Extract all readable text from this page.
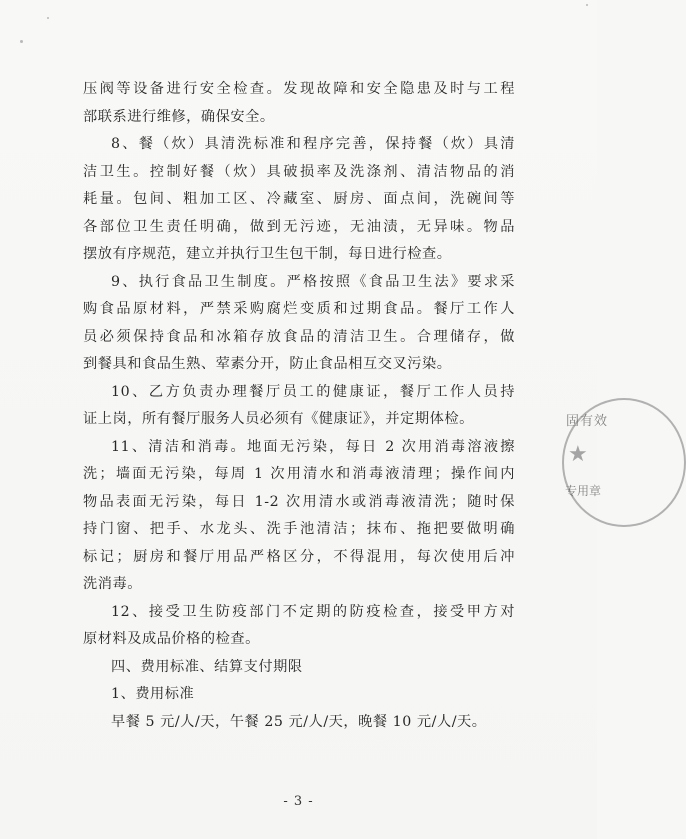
压阀等设备进行安全检查。发现故障和安全隐患及时与工程
部联系进行维修，确保安全。
8、餐（炊）具清洗标准和程序完善，保持餐（炊）具清
洁卫生。控制好餐（炊）具破损率及洗涤剂、清洁物品的消
耗量。包间、粗加工区、冷藏室、厨房、面点间，洗碗间等
各部位卫生责任明确，做到无污迹，无油渍，无异味。物品
摆放有序规范，建立并执行卫生包干制，每日进行检查。
9、执行食品卫生制度。严格按照《食品卫生法》要求采
购食品原材料，严禁采购腐烂变质和过期食品。餐厅工作人
员必须保持食品和冰箱存放食品的清洁卫生。合理储存，做
到餐具和食品生熟、荤素分开，防止食品相互交叉污染。
10、乙方负责办理餐厅员工的健康证，餐厅工作人员持
证上岗，所有餐厅服务人员必须有《健康证》，并定期体检。
11、清洁和消毒。地面无污染，每日 2 次用消毒溶液擦
洗；墙面无污染，每周 1 次用清水和消毒液清理；操作间内
物品表面无污染，每日 1-2 次用清水或消毒液清洗；随时保
持门窗、把手、水龙头、洗手池清洁；抹布、拖把要做明确
标记；厨房和餐厅用品严格区分，不得混用，每次使用后冲
洗消毒。
12、接受卫生防疫部门不定期的防疫检查，接受甲方对
原材料及成品价格的检查。
四、费用标准、结算支付期限
1、费用标准
早餐 5 元/人/天，午餐 25 元/人/天，晚餐 10 元/人/天。
固有效
★
专用章
- 3 -
